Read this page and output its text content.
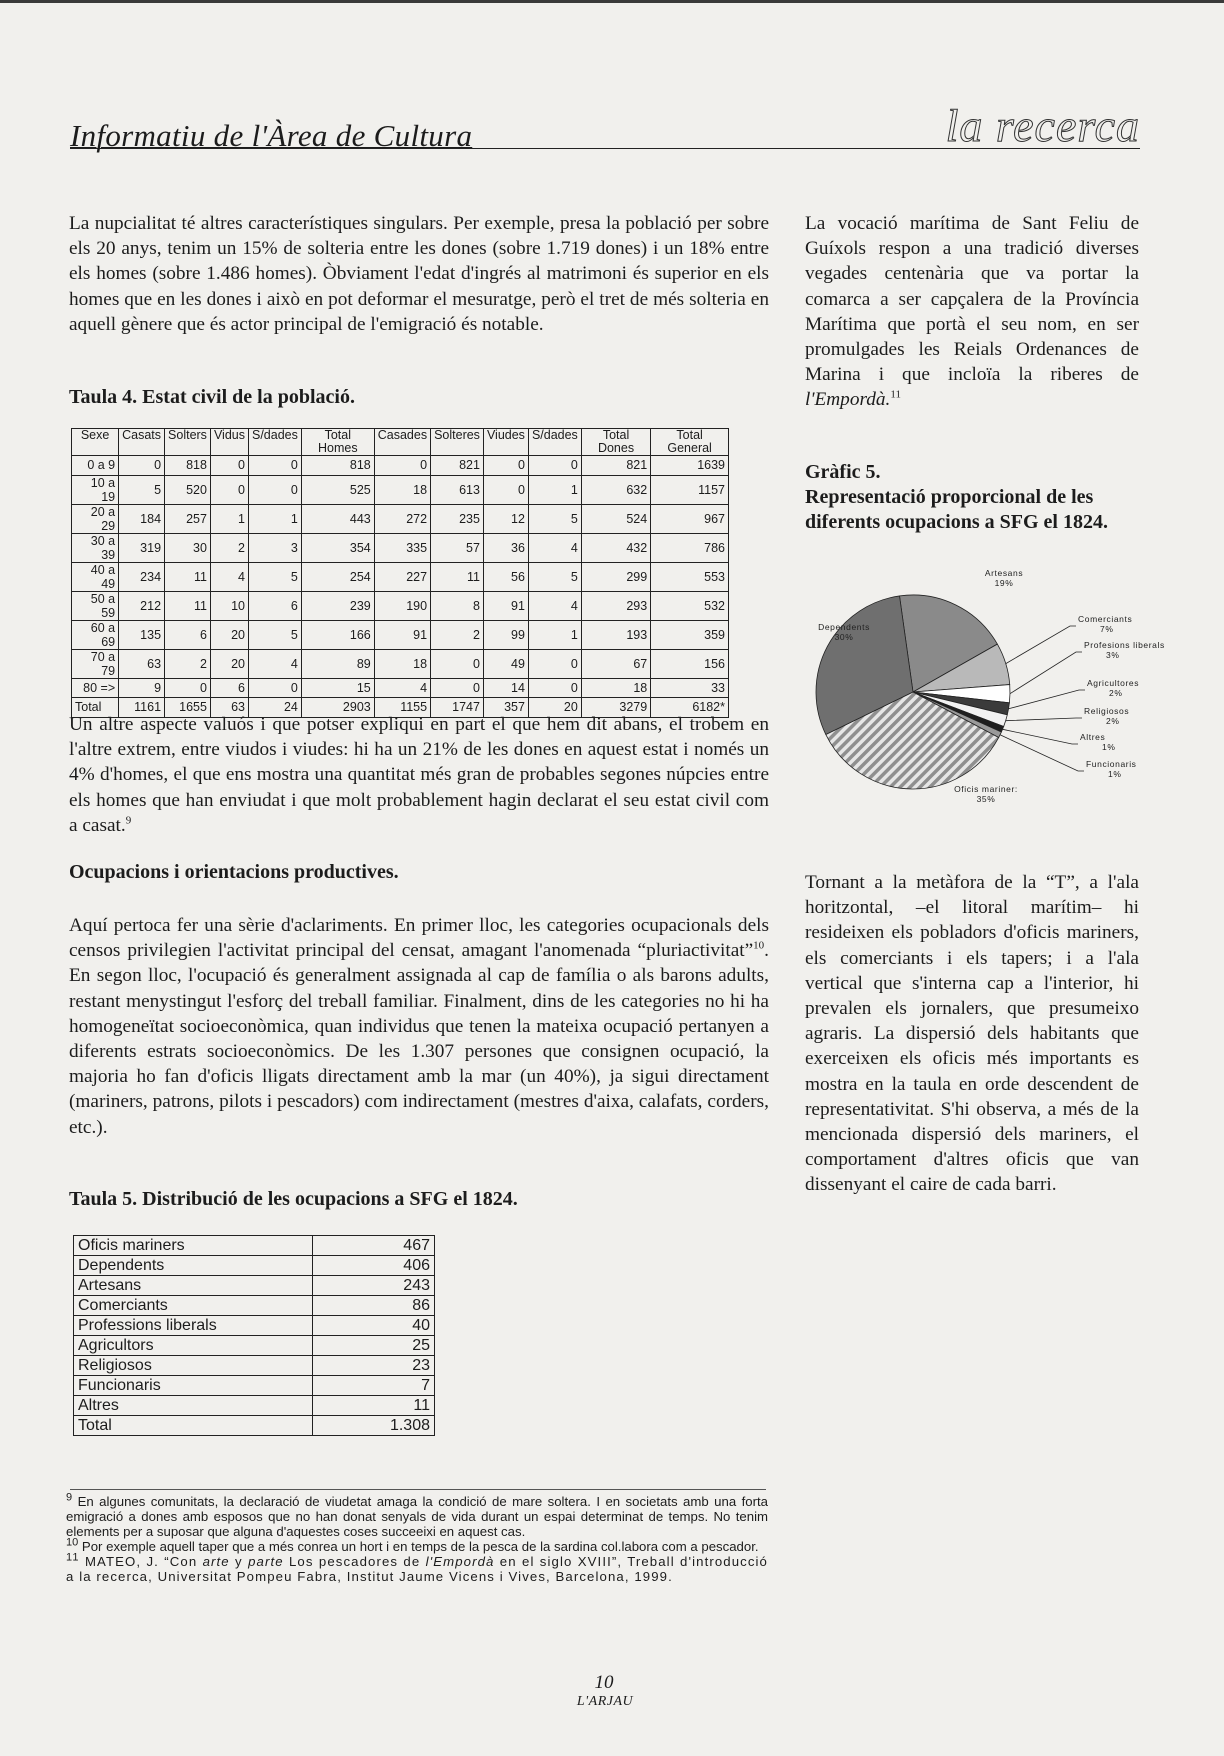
Informatiu de l'Àrea de Cultura	la recerca

La nupcialitat té altres característiques singulars. Per exemple, presa la població per sobre els 20 anys, tenim un 15% de solteria entre les dones (sobre 1.719 dones) i un 18% entre els homes (sobre 1.486 homes). Òbviament l'edat d'ingrés al matrimoni és superior en els homes que en les dones i això en pot deformar el mesuratge, però el tret de més solteria en aquell gènere que és actor principal de l'emigració és notable.

Taula 4. Estat civil de la població.
Sexe	Casats	Solters	Vidus	S/dades	Total Homes	Casades	Solteres	Viudes	S/dades	Total Dones	Total General
0 a 9	0	818	0	0	818	0	821	0	0	821	1639
10 a 19	5	520	0	0	525	18	613	0	1	632	1157
20 a 29	184	257	1	1	443	272	235	12	5	524	967
30 a 39	319	30	2	3	354	335	57	36	4	432	786
40 a 49	234	11	4	5	254	227	11	56	5	299	553
50 a 59	212	11	10	6	239	190	8	91	4	293	532
60 a 69	135	6	20	5	166	91	2	99	1	193	359
70 a 79	63	2	20	4	89	18	0	49	0	67	156
80 =>	9	0	6	0	15	4	0	14	0	18	33
Total	1161	1655	63	24	2903	1155	1747	357	20	3279	6182*

Un altre aspecte valuós i que potser expliqui en part el que hem dit abans, el trobem en l'altre extrem, entre viudos i viudes: hi ha un 21% de les dones en aquest estat i només un 4% d'homes, el que ens mostra una quantitat més gran de probables segones núpcies entre els homes que han enviudat i que molt probablement hagin declarat el seu estat civil com a casat.$^9$

Ocupacions i orientacions productives.

Aquí pertoca fer una sèrie d'aclariments. En primer lloc, les categories ocupacionals dels censos privilegien l'activitat principal del censat, amagant l'anomenada “pluriactivitat”$^{10}$. En segon lloc, l'ocupació és generalment assignada al cap de família o als barons adults, restant menystingut l'esforç del treball familiar. Finalment, dins de les categories no hi ha homogeneïtat socioeconòmica, quan individus que tenen la mateixa ocupació pertanyen a diferents estrats socioeconòmics. De les 1.307 persones que consignen ocupació, la majoria ho fan d'oficis lligats directament amb la mar (un 40%), ja sigui directament (mariners, patrons, pilots i pescadors) com indirectament (mestres d'aixa, calafats, corders, etc.).

Taula 5. Distribució de les ocupacions a SFG el 1824.
Oficis mariners	467
Dependents	406
Artesans	243
Comerciants	86
Professions liberals	40
Agricultors	25
Religiosos	23
Funcionaris	7
Altres	11
Total	1.308

La vocació marítima de Sant Feliu de Guíxols respon a una tradició diverses vegades centenària que va portar la comarca a ser capçalera de la Província Marítima que portà el seu nom, en ser promulgades les Reials Ordenances de Marina i que incloïa la riberes de l'Empordà.$^{11}$

Gràfic 5.
Representació proporcional de les diferents ocupacions a SFG el 1824.
Artesans
19%
Comerciants
7%
Profesions liberals
3%
Agricultores
2%
Religiosos
2%
Altres
1%
Funcionaris
1%
Oficis mariner:
35%
Dependents
30%

Tornant a la metàfora de la “T”, a l'ala horitzontal, –el litoral marítim– hi resideixen els pobladors d'oficis mariners, els comerciants i els tapers; i a l'ala vertical que s'interna cap a l'interior, hi prevalen els jornalers, que presumeixo agraris. La dispersió dels habitants que exerceixen els oficis més importants es mostra en la taula en orde descendent de representativitat. S'hi observa, a més de la mencionada dispersió dels mariners, el comportament d'altres oficis que van dissenyant el caire de cada barri.

$^9$ En algunes comunitats, la declaració de viudetat amaga la condició de mare soltera. I en societats amb una forta emigració a dones amb esposos que no han donat senyals de vida durant un espai determinat de temps. No tenim elements per a suposar que alguna d'aquestes coses succeeixi en aquest cas.

$^{10}$ Por exemple aquell taper que a més conrea un hort i en temps de la pesca de la sardina col.labora com a pescador.

$^{11}$ MATEO, J. “Con arte y parte Los pescadores de l'Empordà en el siglo XVIII”, Treball d'introducció a la recerca, Universitat Pompeu Fabra, Institut Jaume Vicens i Vives, Barcelona, 1999.

10
L'ARJAU
